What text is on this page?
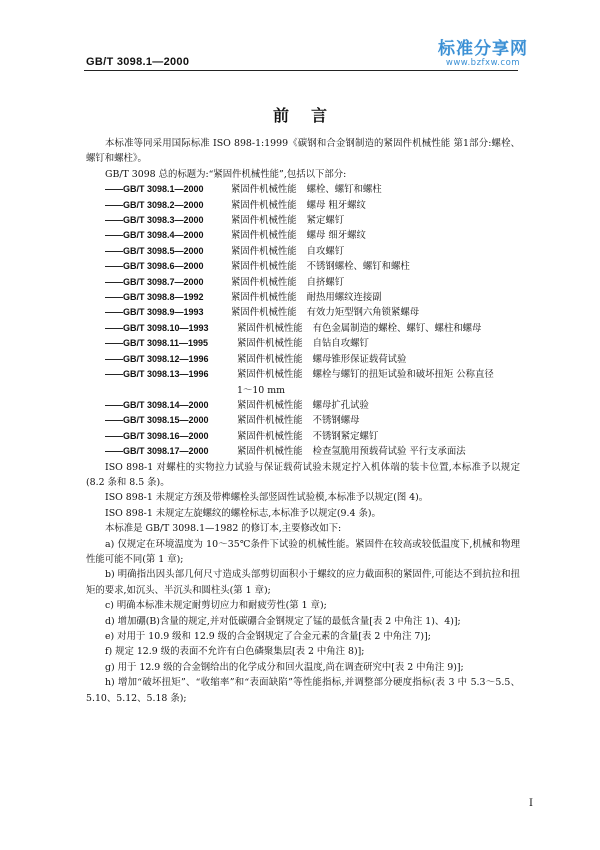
GB/T 3098.1—2000
标准分享网
www.bzfxw.com
前言

本标准等同采用国际标准 ISO 898-1:1999《碳钢和合金钢制造的紧固件机械性能 第1部分:螺栓、螺钉和螺柱》。

GB/T 3098 总的标题为:“紧固件机械性能”,包括以下部分:

——GB/T 3098.1—2000	紧固件机械性能 螺栓、螺钉和螺柱
——GB/T 3098.2—2000	紧固件机械性能 螺母 粗牙螺纹
——GB/T 3098.3—2000	紧固件机械性能 紧定螺钉
——GB/T 3098.4—2000	紧固件机械性能 螺母 细牙螺纹
——GB/T 3098.5—2000	紧固件机械性能 自攻螺钉
——GB/T 3098.6—2000	紧固件机械性能 不锈钢螺栓、螺钉和螺柱
——GB/T 3098.7—2000	紧固件机械性能 自挤螺钉
——GB/T 3098.8—1992	紧固件机械性能 耐热用螺纹连接副
——GB/T 3098.9—1993	紧固件机械性能 有效力矩型钢六角锁紧螺母
——GB/T 3098.10—1993	紧固件机械性能 有色金属制造的螺栓、螺钉、螺柱和螺母
——GB/T 3098.11—1995	紧固件机械性能 自钻自攻螺钉
——GB/T 3098.12—1996	紧固件机械性能 螺母锥形保证载荷试验
——GB/T 3098.13—1996	紧固件机械性能 螺栓与螺钉的扭矩试验和破坏扭矩 公称直径
1～10 mm
——GB/T 3098.14—2000	紧固件机械性能 螺母扩孔试验
——GB/T 3098.15—2000	紧固件机械性能 不锈钢螺母
——GB/T 3098.16—2000	紧固件机械性能 不锈钢紧定螺钉
——GB/T 3098.17—2000	紧固件机械性能 检查氢脆用预载荷试验 平行支承面法

ISO 898-1 对螺柱的实物拉力试验与保证载荷试验未规定拧入机体端的装卡位置,本标准予以规定(8.2 条和 8.5 条)。

ISO 898-1 未规定方颈及带榫螺栓头部竖固性试验模,本标准予以规定(图 4)。

ISO 898-1 未规定左旋螺纹的螺栓标志,本标准予以规定(9.4 条)。

本标准是 GB/T 3098.1—1982 的修订本,主要修改如下:

a) 仅规定在环境温度为 10～35℃条件下试验的机械性能。紧固件在较高或较低温度下,机械和物理性能可能不同(第 1 章);

b) 明确指出因头部几何尺寸造成头部剪切面积小于螺纹的应力截面积的紧固件,可能达不到抗拉和扭矩的要求,如沉头、半沉头和圆柱头(第 1 章);

c) 明确本标准未规定耐剪切应力和耐疲劳性(第 1 章);

d) 增加硼(B)含量的规定,并对低碳硼合金钢规定了锰的最低含量[表 2 中角注 1)、4)];

e) 对用于 10.9 级和 12.9 级的合金钢规定了合金元素的含量[表 2 中角注 7)];

f) 规定 12.9 级的表面不允许有白色磷聚集层[表 2 中角注 8)];

g) 用于 12.9 级的合金钢给出的化学成分和回火温度,尚在调查研究中[表 2 中角注 9)];

h) 增加“破坏扭矩”、“收缩率”和“表面缺陷”等性能指标,并调整部分硬度指标(表 3 中 5.3～5.5、5.10、5.12、5.18 条);

I
